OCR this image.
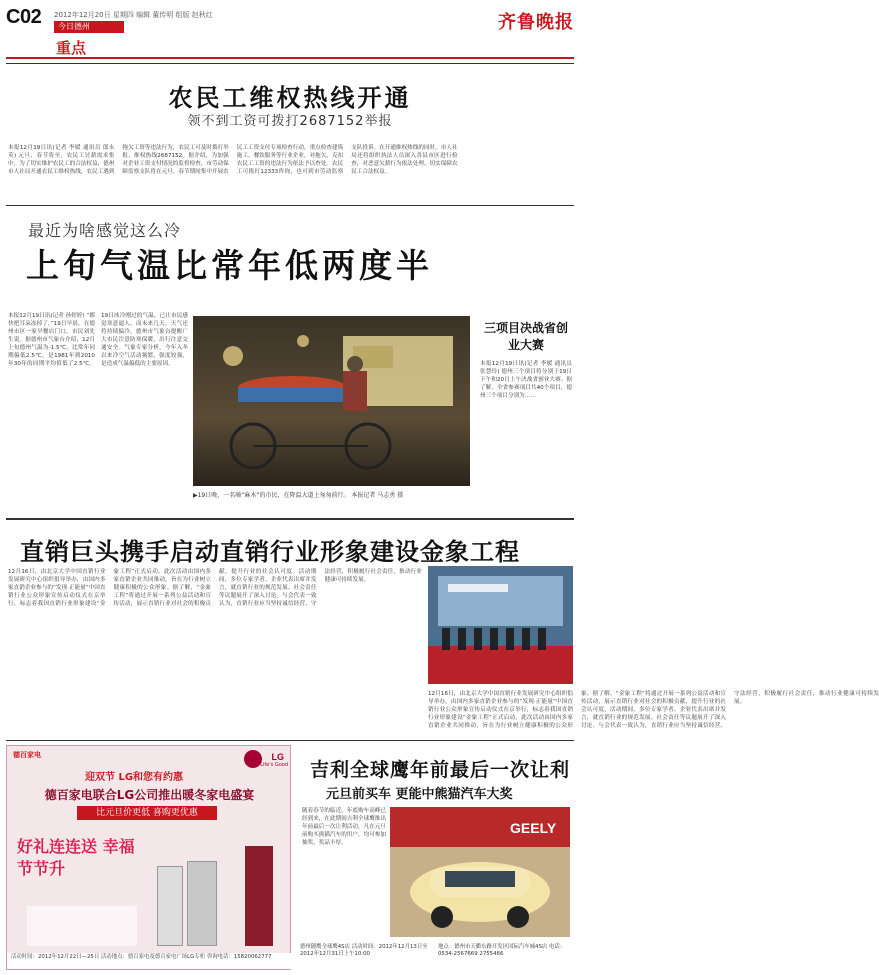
C02 2012年12月20日 星期四 编辑 董传明 组版 赵秋红
今日德州
重点
齐鲁晚报
农民工维权热线开通
领不到工资可拨打2687152举报
本报12月19日讯(记者 李媛 通讯员 郎永英) 元旦、春节将至，农民工讨薪需求集中，为了切实维护农民工的合法权益，德州市人社局开通农民工维权热线，农民工遇到拖欠工资等违法行为，农民工可及时拨打举报，维权热线2687152。据介绍，为加强对企业工资支付情况的监督检查，市劳动保障监察支队将在元旦、春节期间集中开展农民工工资支付专项检查行动，重点检查建筑施工、餐饮服务等行业企业，对拖欠、克扣农民工工资的违法行为依法予以查处。农民工可拨打12333咨询，也可到市劳动监察支队投诉。在开通维权热线的同时，市人社局还将组织执法人员深入各县市区进行检查，对恶意欠薪行为依法处理，切实保障农民工合法权益。
最近为啥感觉这么冷
上旬气温比常年低两度半
本报12月19日讯(记者 孙婷婷) “都快把耳朵冻掉了，”19日早晨，在德州市区一家早餐店门口，市民刘先生说。据德州市气象台介绍，12月上旬德州气温为-1.5℃，比常年同期偏低2.5℃，是1981年到2010年30年的同期平均值低了2.5℃。19日冰冷刚过的气温，已让市民感觉寒意逼人，而未来几天，天气还将持续偏冷，德州市气象台提醒广大市民注意防寒保暖，出行注意交通安全。气象专家分析，今年入冬以来冷空气活动频繁，强度较强，是造成气温偏低的主要原因。
▶19日晚，一名骑“麻木”的市民，在降温大道上匆匆前行。 本报记者 马志勇 摄
三项目决战省创业大赛
本报12月19日讯(记者 李媛 通讯员 张慧玲) 德州三个项目将分别于19日下午和20日上午决战省创业大赛。据了解，全省参赛项目共40个项目，德州三个项目分别为……
直销巨头携手启动直销行业形象建设金象工程
12月16日，由北京大学中国直销行业发展研究中心组织倡导举办，由国内多家直销企业参与的“发现·正能量”中国直销行业公众形象宣传启动仪式在京举行，标志着我国直销行业形象建设“金象工程”正式启动。此次活动由国内多家直销企业共同推动，旨在为行业树立健康积极的公众形象。据了解，“金象工程”将通过开展一系列公益活动和宣传活动，展示直销行业对社会的积极贡献，提升行业的社会认可度。活动期间，多位专家学者、企业代表出席并发言，就直销行业的规范发展、社会责任等议题展开了深入讨论。与会代表一致认为，直销行业应当坚持诚信经营、守法经营，积极履行社会责任，推动行业健康可持续发展。
12月16日，由北京大学中国直销行业发展研究中心组织倡导举办，由国内多家直销企业参与的“发现·正能量”中国直销行业公众形象宣传启动仪式在京举行，标志着我国直销行业形象建设“金象工程”正式启动。此次活动由国内多家直销企业共同推动，旨在为行业树立健康积极的公众形象。据了解，“金象工程”将通过开展一系列公益活动和宣传活动，展示直销行业对社会的积极贡献，提升行业的社会认可度。活动期间，多位专家学者、企业代表出席并发言，就直销行业的规范发展、社会责任等议题展开了深入讨论。与会代表一致认为，直销行业应当坚持诚信经营、守法经营，积极履行社会责任，推动行业健康可持续发展。
德百家电	LG
Life's Good
迎双节 LG和您有约惠
德百家电联合LG公司推出暖冬家电盛宴
比元旦价更低 喜购更优惠
好礼连连送 幸福节节升
活动时间：2012年12月22日—25日 活动地点：德百家电及德百家电广场LG专柜 咨询电话：15820062777
吉利全球鹰年前最后一次让利
元旦前买车 更能中熊猫汽车大奖
随着春节的临近，年底购车高峰已经到来，在此期间吉利全球鹰推出年前最后一次让利活动，凡在元旦前购买熊猫汽车的用户，均可参加抽奖，奖品丰厚。
GEELY
德州随鹰全球鹰4S店 活动时间：2012年12月13日至2012年12月31日上午10:00
地点：德州市天衢东路开发区国际汽车城4S店 电话：0534-2567669 2755466
